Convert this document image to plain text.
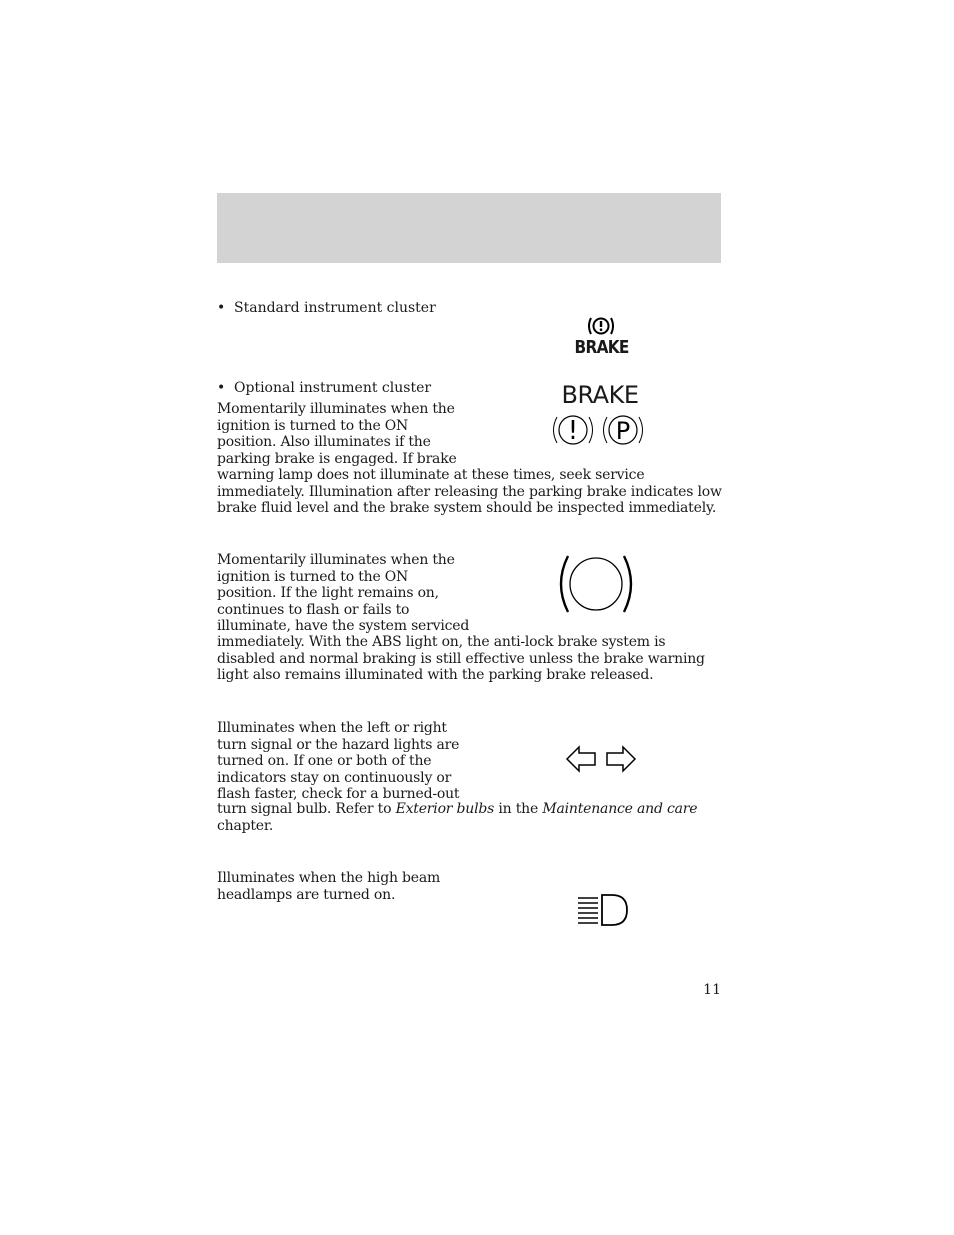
• Standard instrument cluster
BRAKE
• Optional instrument cluster	BRAKE
! P

Momentarily illuminates when the
ignition is turned to the ON
position. Also illuminates if the
parking brake is engaged. If brake

warning lamp does not illuminate at these times, seek service
immediately. Illumination after releasing the parking brake indicates low
brake fluid level and the brake system should be inspected immediately.

Momentarily illuminates when the
ignition is turned to the ON
position. If the light remains on,
continues to flash or fails to
illuminate, have the system serviced

immediately. With the ABS light on, the anti-lock brake system is
disabled and normal braking is still effective unless the brake warning
light also remains illuminated with the parking brake released.

Illuminates when the left or right
turn signal or the hazard lights are
turned on. If one or both of the
indicators stay on continuously or
flash faster, check for a burned-out

turn signal bulb. Refer to Exterior bulbs in the Maintenance and care
chapter.

Illuminates when the high beam
headlamps are turned on.

11
